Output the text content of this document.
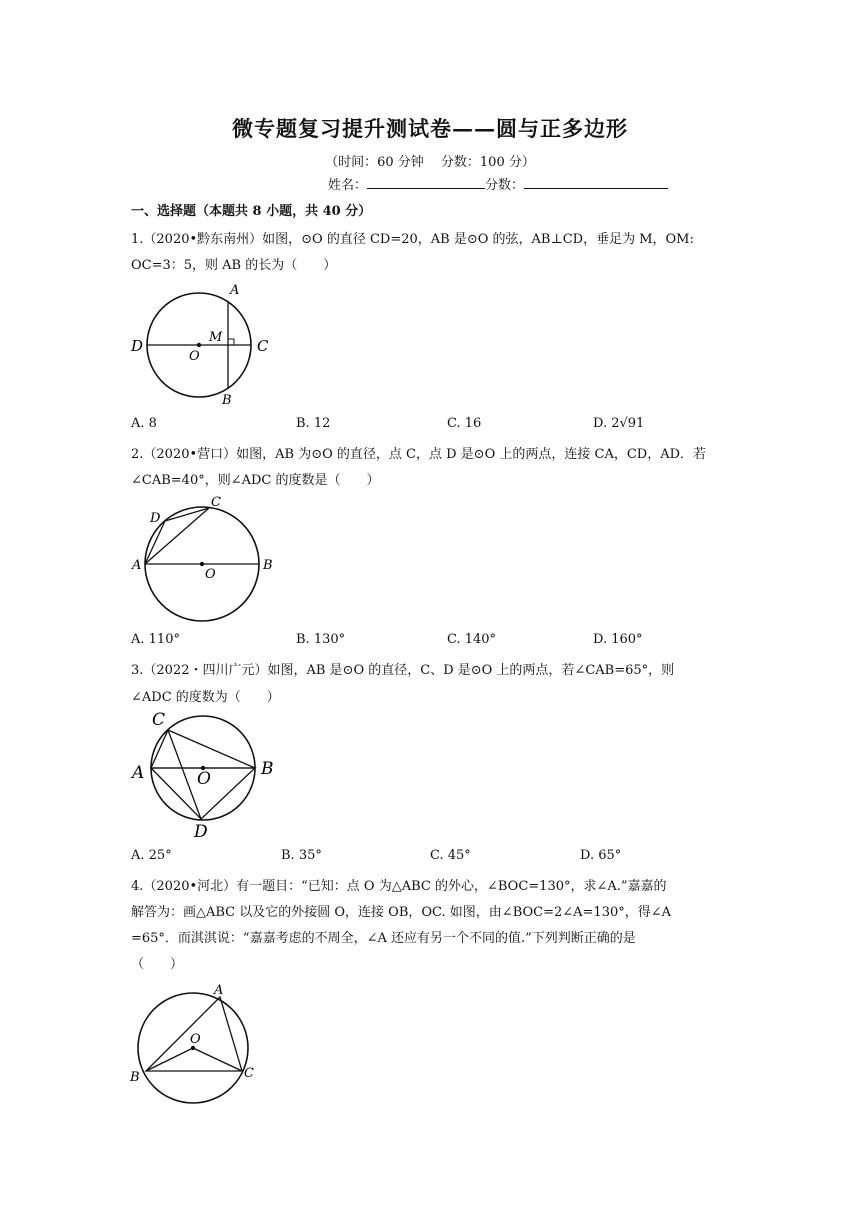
微专题复习提升测试卷——圆与正多边形
（时间：60 分钟　 分数：100 分）
姓名：	分数：
一、选择题（本题共 8 小题，共 40 分）
1.（2020•黔东南州）如图，⊙O 的直径 CD=20，AB 是⊙O 的弦，AB⊥CD，垂足为 M，OM:
OC=3：5，则 AB 的长为（　　）
D	C
A
B
O
M
A. 8	B. 12	C. 16	D. 2√91
2.（2020•营口）如图，AB 为⊙O 的直径，点 C，点 D 是⊙O 上的两点，连接 CA，CD，AD．若
∠CAB=40°，则∠ADC 的度数是（　　）
A	B
C
D
O
A. 110°	B. 130°	C. 140°	D. 160°
3.（2022・四川广元）如图，AB 是⊙O 的直径，C、D 是⊙O 上的两点，若∠CAB=65°，则
∠ADC 的度数为（　　）
A	B
C
D
O
A. 25°	B. 35°	C. 45°	D. 65°
4.（2020•河北）有一题目：“已知：点 O 为△ABC 的外心，∠BOC=130°，求∠A.”嘉嘉的
解答为：画△ABC 以及它的外接圆 O，连接 OB，OC. 如图，由∠BOC=2∠A=130°，得∠A
=65°．而淇淇说：“嘉嘉考虑的不周全，∠A 还应有另一个不同的值.”下列判断正确的是
（　　）
A
B	C
O
